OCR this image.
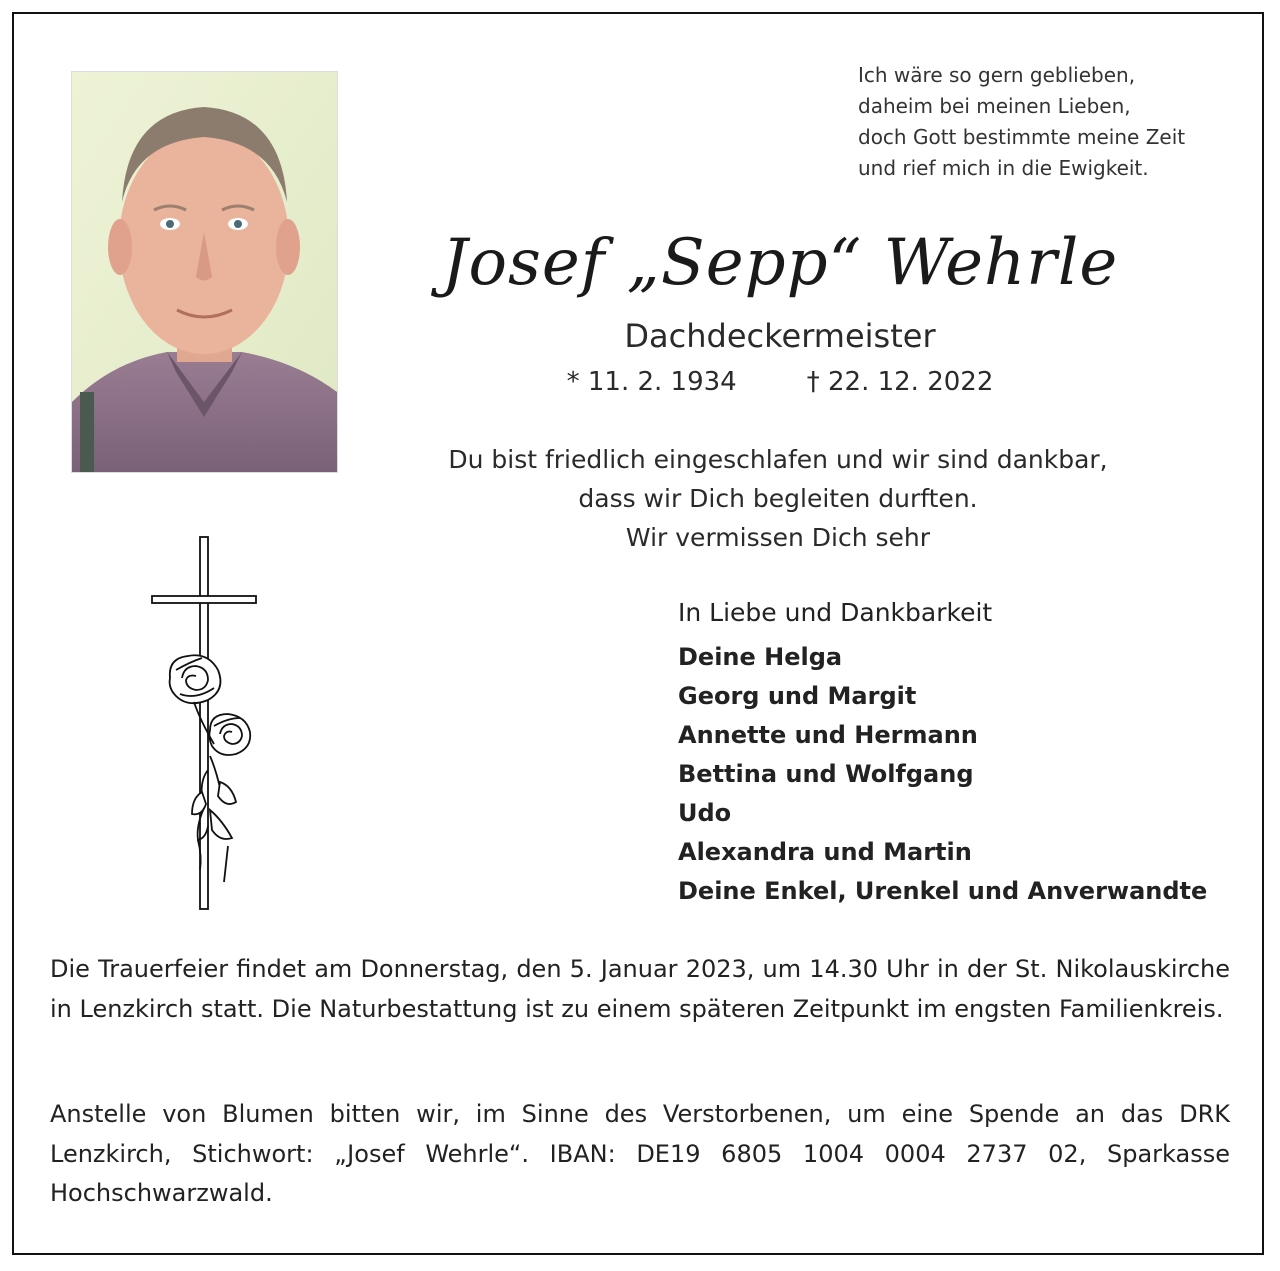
Ich wäre so gern geblieben,
daheim bei meinen Lieben,
doch Gott bestimmte meine Zeit
und rief mich in die Ewigkeit.
Josef „Sepp“ Wehrle
Dachdeckermeister
* 11. 2. 1934	† 22. 12. 2022
Du bist friedlich eingeschlafen und wir sind dankbar,
dass wir Dich begleiten durften.
Wir vermissen Dich sehr
In Liebe und Dankbarkeit
Deine Helga
Georg und Margit
Annette und Hermann
Bettina und Wolfgang
Udo
Alexandra und Martin
Deine Enkel, Urenkel und Anverwandte
Die Trauerfeier findet am Donnerstag, den 5. Januar 2023, um 14.30 Uhr in der St. Nikolauskirche in Lenzkirch statt. Die Naturbestattung ist zu einem späteren Zeitpunkt im engsten Familienkreis.
Anstelle von Blumen bitten wir, im Sinne des Verstorbenen, um eine Spende an das DRK Lenzkirch, Stichwort: „Josef Wehrle“. IBAN: DE19 6805 1004 0004 2737 02, Sparkasse Hochschwarzwald.
